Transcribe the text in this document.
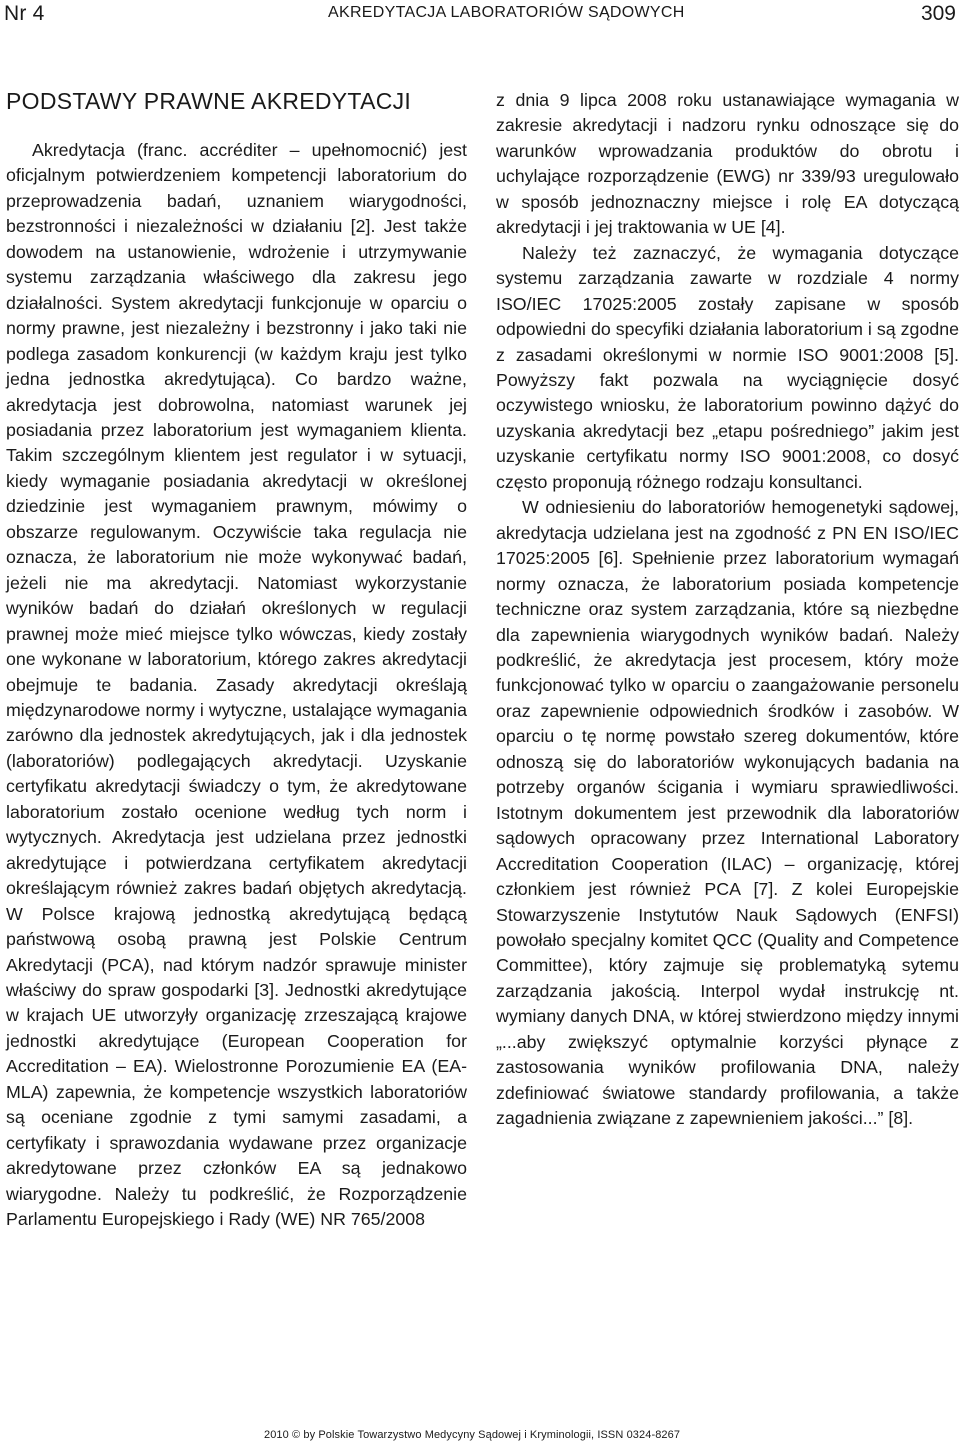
Nr 4	AKREDYTACJA LABORATORIÓW SĄDOWYCH	309
PODSTAWY PRAWNE AKREDYTACJI

Akredytacja (franc. accréditer – upełnomocnić) jest oficjalnym potwierdzeniem kompetencji laboratorium do przeprowadzenia badań, uznaniem wiarygodności, bezstronności i niezależności w działaniu [2]. Jest także dowodem na ustanowienie, wdrożenie i utrzymywanie systemu zarządzania właściwego dla zakresu jego działalności. System akredytacji funkcjonuje w oparciu o normy prawne, jest niezależny i bezstronny i jako taki nie podlega zasadom konkurencji (w każdym kraju jest tylko jedna jednostka akredytująca). Co bardzo ważne, akredytacja jest dobrowolna, natomiast warunek jej posiadania przez laboratorium jest wymaganiem klienta. Takim szczególnym klientem jest regulator i w sytuacji, kiedy wymaganie posiadania akredytacji w określonej dziedzinie jest wymaganiem prawnym, mówimy o obszarze regulowanym. Oczywiście taka regulacja nie oznacza, że laboratorium nie może wykonywać badań, jeżeli nie ma akredytacji. Natomiast wykorzystanie wyników badań do działań określonych w regulacji prawnej może mieć miejsce tylko wówczas, kiedy zostały one wykonane w laboratorium, którego zakres akredytacji obejmuje te badania. Zasady akredytacji określają międzynarodowe normy i wytyczne, ustalające wymagania zarówno dla jednostek akredytujących, jak i dla jednostek (laboratoriów) podlegających akredytacji. Uzyskanie certyfikatu akredytacji świadczy o tym, że akredytowane laboratorium zostało ocenione według tych norm i wytycznych. Akredytacja jest udzielana przez jednostki akredytujące i potwierdzana certyfikatem akredytacji określającym również zakres badań objętych akredytacją. W Polsce krajową jednostką akredytującą będącą państwową osobą prawną jest Polskie Centrum Akredytacji (PCA), nad którym nadzór sprawuje minister właściwy do spraw gospodarki [3]. Jednostki akredytujące w krajach UE utworzyły organizację zrzeszającą krajowe jednostki akredytujące (European Cooperation for Accreditation – EA). Wielostronne Porozumienie EA (EA-MLA) zapewnia, że kompetencje wszystkich laboratoriów są oceniane zgodnie z tymi samymi zasadami, a certyfikaty i sprawozdania wydawane przez organizacje akredytowane przez członków EA są jednakowo wiarygodne. Należy tu podkreślić, że Rozporządzenie Parlamentu Europejskiego i Rady (WE) NR 765/2008

z dnia 9 lipca 2008 roku ustanawiające wymagania w zakresie akredytacji i nadzoru rynku odnoszące się do warunków wprowadzania produktów do obrotu i uchylające rozporządzenie (EWG) nr 339/93 uregulowało w sposób jednoznaczny miejsce i rolę EA dotyczącą akredytacji i jej traktowania w UE [4].

Należy też zaznaczyć, że wymagania dotyczące systemu zarządzania zawarte w rozdziale 4 normy ISO/IEC 17025:2005 zostały zapisane w sposób odpowiedni do specyfiki działania laboratorium i są zgodne z zasadami określonymi w normie ISO 9001:2008 [5]. Powyższy fakt pozwala na wyciągnięcie dosyć oczywistego wniosku, że laboratorium powinno dążyć do uzyskania akredytacji bez „etapu pośredniego” jakim jest uzyskanie certyfikatu normy ISO 9001:2008, co dosyć często proponują różnego rodzaju konsultanci.

W odniesieniu do laboratoriów hemogenetyki sądowej, akredytacja udzielana jest na zgodność z PN EN ISO/IEC 17025:2005 [6]. Spełnienie przez laboratorium wymagań normy oznacza, że laboratorium posiada kompetencje techniczne oraz system zarządzania, które są niezbędne dla zapewnienia wiarygodnych wyników badań. Należy podkreślić, że akredytacja jest procesem, który może funkcjonować tylko w oparciu o zaangażowanie personelu oraz zapewnienie odpowiednich środków i zasobów. W oparciu o tę normę powstało szereg dokumentów, które odnoszą się do laboratoriów wykonujących badania na potrzeby organów ścigania i wymiaru sprawiedliwości. Istotnym dokumentem jest przewodnik dla laboratoriów sądowych opracowany przez International Laboratory Accreditation Cooperation (ILAC) – organizację, której członkiem jest również PCA [7]. Z kolei Europejskie Stowarzyszenie Instytutów Nauk Sądowych (ENFSI) powołało specjalny komitet QCC (Quality and Competence Committee), który zajmuje się problematyką sytemu zarządzania jakością. Interpol wydał instrukcję nt. wymiany danych DNA, w której stwierdzono między innymi „...aby zwiększyć optymalnie korzyści płynące z zastosowania wyników profilowania DNA, należy zdefiniować światowe standardy profilowania, a także zagadnienia związane z zapewnieniem jakości...” [8].

2010 © by Polskie Towarzystwo Medycyny Sądowej i Kryminologii, ISSN 0324-8267
